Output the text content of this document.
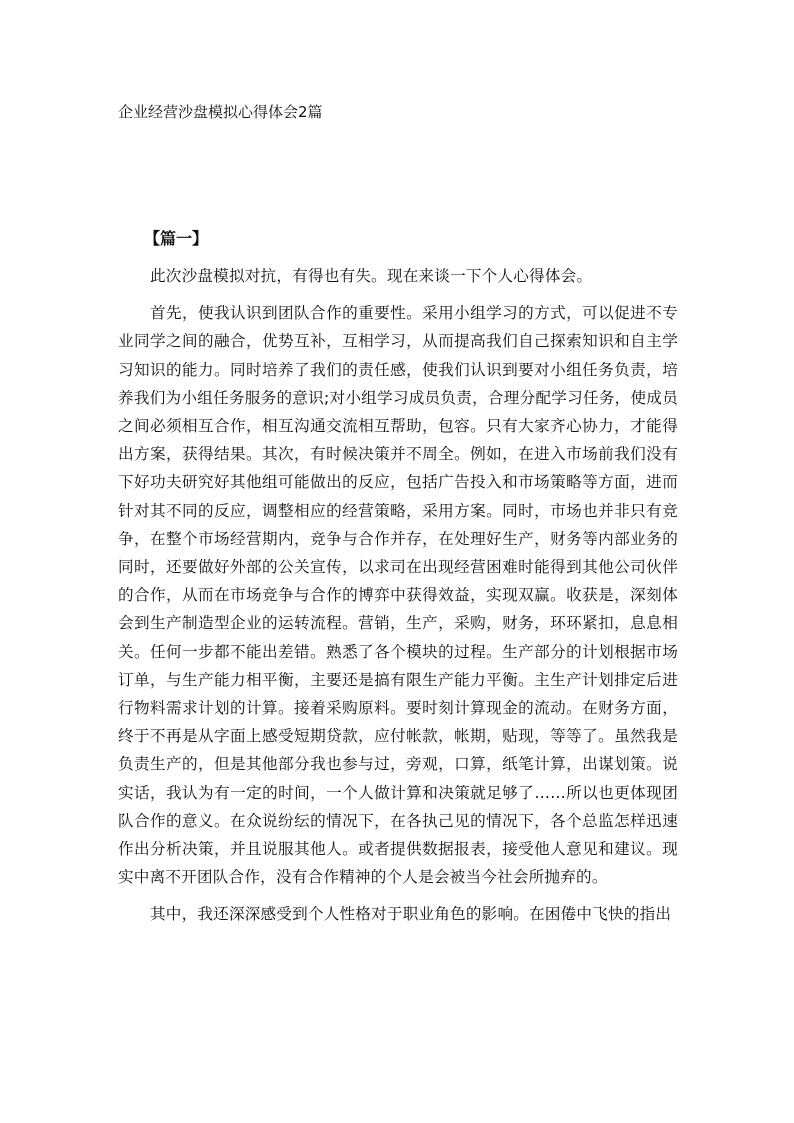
企业经营沙盘模拟心得体会2篇
【篇一】

此次沙盘模拟对抗，有得也有失。现在来谈一下个人心得体会。

首先，使我认识到团队合作的重要性。采用小组学习的方式，可以促进不专业同学之间的融合，优势互补，互相学习，从而提高我们自己探索知识和自主学习知识的能力。同时培养了我们的责任感，使我们认识到要对小组任务负责，培养我们为小组任务服务的意识;对小组学习成员负责，合理分配学习任务，使成员之间必须相互合作，相互沟通交流相互帮助，包容。只有大家齐心协力，才能得出方案，获得结果。其次，有时候决策并不周全。例如，在进入市场前我们没有下好功夫研究好其他组可能做出的反应，包括广告投入和市场策略等方面，进而针对其不同的反应，调整相应的经营策略，采用方案。同时，市场也并非只有竞争，在整个市场经营期内，竞争与合作并存，在处理好生产，财务等内部业务的同时，还要做好外部的公关宣传，以求司在出现经营困难时能得到其他公司伙伴的合作，从而在市场竞争与合作的博弈中获得效益，实现双赢。收获是，深刻体会到生产制造型企业的运转流程。营销，生产，采购，财务，环环紧扣，息息相关。任何一步都不能出差错。熟悉了各个模块的过程。生产部分的计划根据市场订单，与生产能力相平衡，主要还是搞有限生产能力平衡。主生产计划排定后进行物料需求计划的计算。接着采购原料。要时刻计算现金的流动。在财务方面，终于不再是从字面上感受短期贷款，应付帐款，帐期，贴现，等等了。虽然我是负责生产的，但是其他部分我也参与过，旁观，口算，纸笔计算，出谋划策。说实话，我认为有一定的时间，一个人做计算和决策就足够了……所以也更体现团队合作的意义。在众说纷纭的情况下，在各执己见的情况下，各个总监怎样迅速作出分析决策，并且说服其他人。或者提供数据报表，接受他人意见和建议。现实中离不开团队合作，没有合作精神的个人是会被当今社会所抛弃的。

其中，我还深深感受到个人性格对于职业角色的影响。在困倦中飞快的指出
